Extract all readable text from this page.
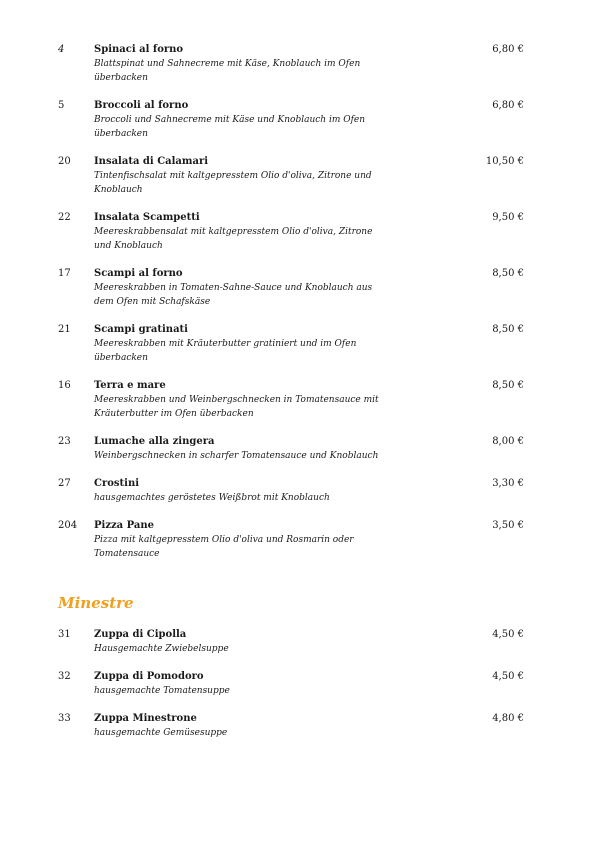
4	Spinaci al forno
Blattspinat und Sahnecreme mit Käse, Knoblauch im Ofen überbacken
6,80 €
5	Broccoli al forno
Broccoli und Sahnecreme mit Käse und Knoblauch im Ofen überbacken
6,80 €
20 Insalata di Calamari
Tintenfischsalat mit kaltgepresstem Olio d'oliva, Zitrone und Knoblauch
10,50 €
22 Insalata Scampetti
Meereskrabbensalat mit kaltgepresstem Olio d'oliva, Zitrone und Knoblauch
9,50 €
17 Scampi al forno
Meereskrabben in Tomaten-Sahne-Sauce und Knoblauch aus dem Ofen mit Schafskäse
8,50 €
21 Scampi gratinati
Meereskrabben mit Kräuterbutter gratiniert und im Ofen überbacken
8,50 €
16 Terra e mare
Meereskrabben und Weinbergschnecken in Tomatensauce mit Kräuterbutter im Ofen überbacken
8,50 €
23 Lumache alla zingera
Weinbergschnecken in scharfer Tomatensauce und Knoblauch
8,00 €
27 Crostini
hausgemachtes geröstetes Weißbrot mit Knoblauch
3,30 €
204 Pizza Pane
Pizza mit kaltgepresstem Olio d'oliva und Rosmarin oder Tomatensauce
3,50 €
Minestre
31 Zuppa di Cipolla
Hausgemachte Zwiebelsuppe
4,50 €
32 Zuppa di Pomodoro
hausgemachte Tomatensuppe
4,50 €
33 Zuppa Minestrone
hausgemachte Gemüsesuppe
4,80 €
